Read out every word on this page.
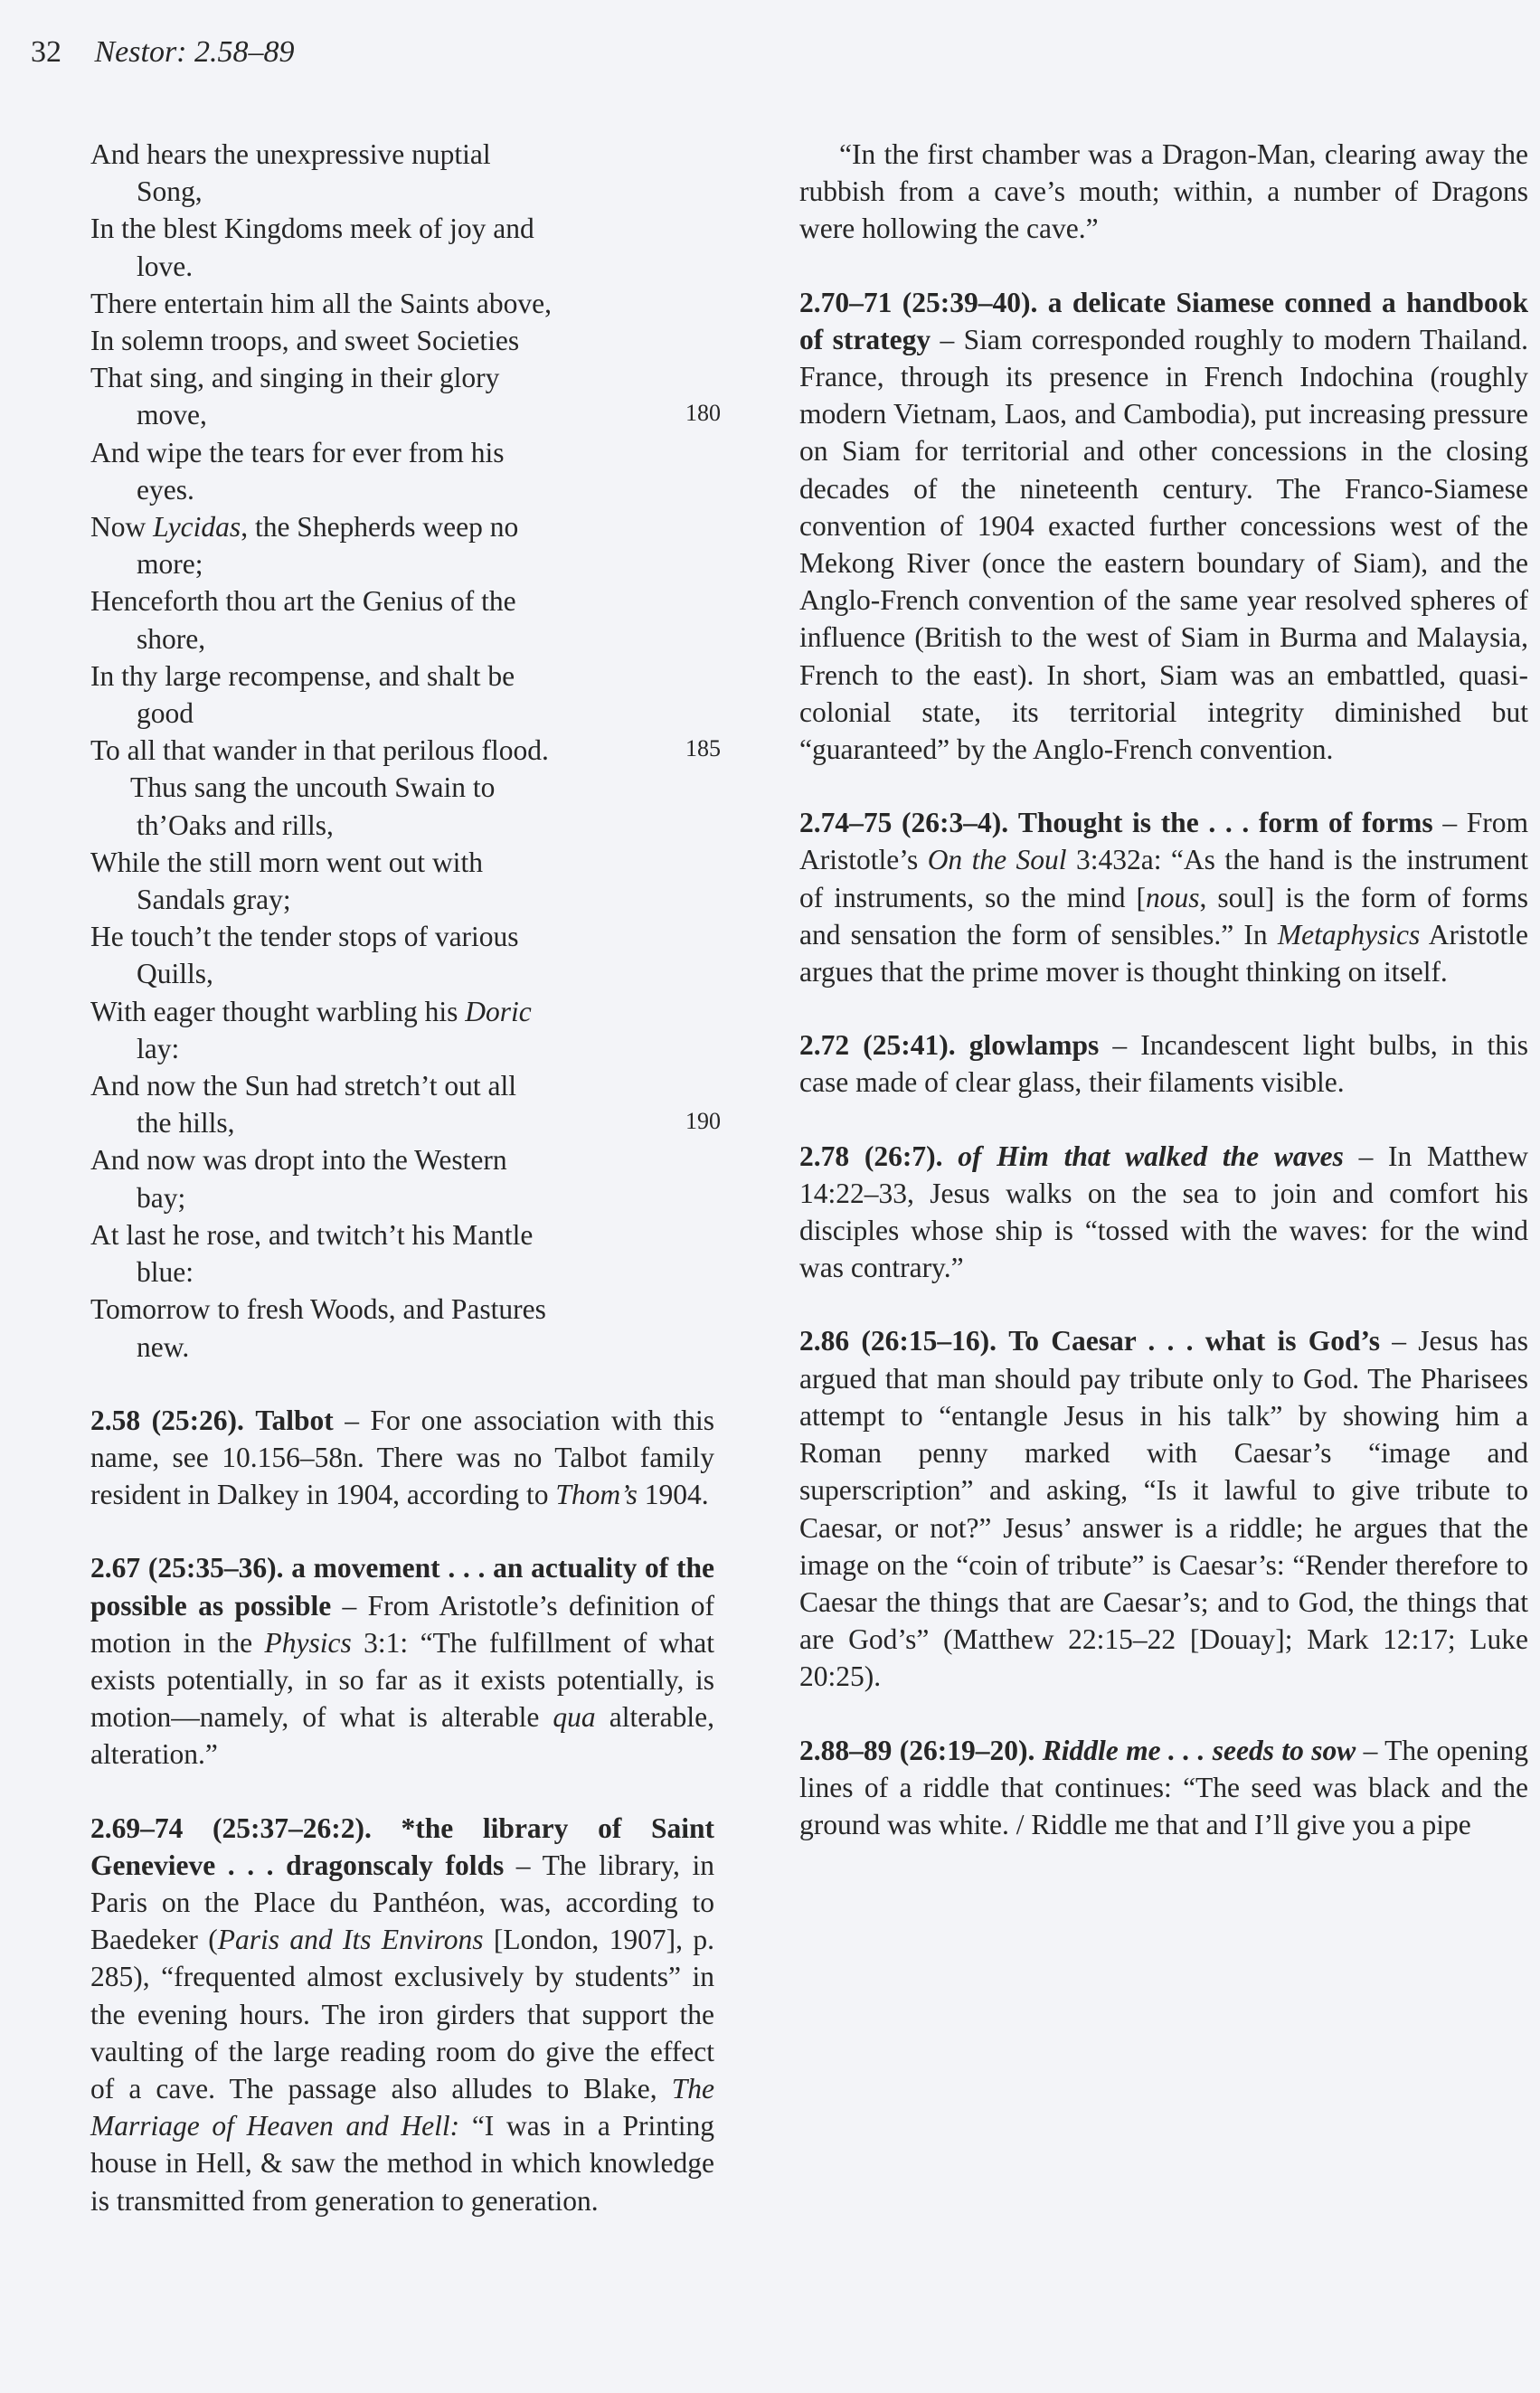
32 Nestor: 2.58–89
And hears the unexpressive nuptial
Song,
In the blest Kingdoms meek of joy and
love.
There entertain him all the Saints above,
In solemn troops, and sweet Societies
That sing, and singing in their glory
move,	180
And wipe the tears for ever from his
eyes.
Now Lycidas, the Shepherds weep no
more;
Henceforth thou art the Genius of the
shore,
In thy large recompense, and shalt be
good
To all that wander in that perilous flood.	185
Thus sang the uncouth Swain to
th’Oaks and rills,
While the still morn went out with
Sandals gray;
He touch’t the tender stops of various
Quills,
With eager thought warbling his Doric
lay:
And now the Sun had stretch’t out all
the hills,	190
And now was dropt into the Western
bay;
At last he rose, and twitch’t his Mantle
blue:
Tomorrow to fresh Woods, and Pastures
new.

2.58 (25:26). Talbot – For one association with this name, see 10.156–58n. There was no Talbot family resident in Dalkey in 1904, according to Thom’s 1904.

2.67 (25:35–36). a movement . . . an actuality of the possible as possible – From Aristotle’s definition of motion in the Physics 3:1: “The fulfillment of what exists potentially, in so far as it exists potentially, is motion—namely, of what is alterable qua alterable, alteration.”

2.69–74 (25:37–26:2). *the library of Saint Genevieve . . . dragonscaly folds – The library, in Paris on the Place du Panthéon, was, according to Baedeker (Paris and Its Environs [London, 1907], p. 285), “frequented almost exclusively by students” in the evening hours. The iron girders that support the vaulting of the large reading room do give the effect of a cave. The passage also alludes to Blake, The Marriage of Heaven and Hell: “I was in a Printing house in Hell, & saw the method in which knowledge is transmitted from generation to generation.

“In the first chamber was a Dragon-Man, clearing away the rubbish from a cave’s mouth; within, a number of Dragons were hollowing the cave.”

2.70–71 (25:39–40). a delicate Siamese conned a handbook of strategy – Siam corresponded roughly to modern Thailand. France, through its presence in French Indochina (roughly modern Vietnam, Laos, and Cambodia), put increasing pressure on Siam for territorial and other concessions in the closing decades of the nineteenth century. The Franco-Siamese convention of 1904 exacted further concessions west of the Mekong River (once the eastern boundary of Siam), and the Anglo-French convention of the same year resolved spheres of influence (British to the west of Siam in Burma and Malaysia, French to the east). In short, Siam was an embattled, quasi-colonial state, its territorial integrity diminished but “guaranteed” by the Anglo-French convention.

2.74–75 (26:3–4). Thought is the . . . form of forms – From Aristotle’s On the Soul 3:432a: “As the hand is the instrument of instruments, so the mind [nous, soul] is the form of forms and sensation the form of sensibles.” In Metaphysics Aristotle argues that the prime mover is thought thinking on itself.

2.72 (25:41). glowlamps – Incandescent light bulbs, in this case made of clear glass, their filaments visible.

2.78 (26:7). of Him that walked the waves – In Matthew 14:22–33, Jesus walks on the sea to join and comfort his disciples whose ship is “tossed with the waves: for the wind was contrary.”

2.86 (26:15–16). To Caesar . . . what is God’s – Jesus has argued that man should pay tribute only to God. The Pharisees attempt to “entangle Jesus in his talk” by showing him a Roman penny marked with Caesar’s “image and superscription” and asking, “Is it lawful to give tribute to Caesar, or not?” Jesus’ answer is a riddle; he argues that the image on the “coin of tribute” is Caesar’s: “Render therefore to Caesar the things that are Caesar’s; and to God, the things that are God’s” (Matthew 22:15–22 [Douay]; Mark 12:17; Luke 20:25).

2.88–89 (26:19–20). Riddle me . . . seeds to sow – The opening lines of a riddle that continues: “The seed was black and the ground was white. / Riddle me that and I’ll give you a pipe
